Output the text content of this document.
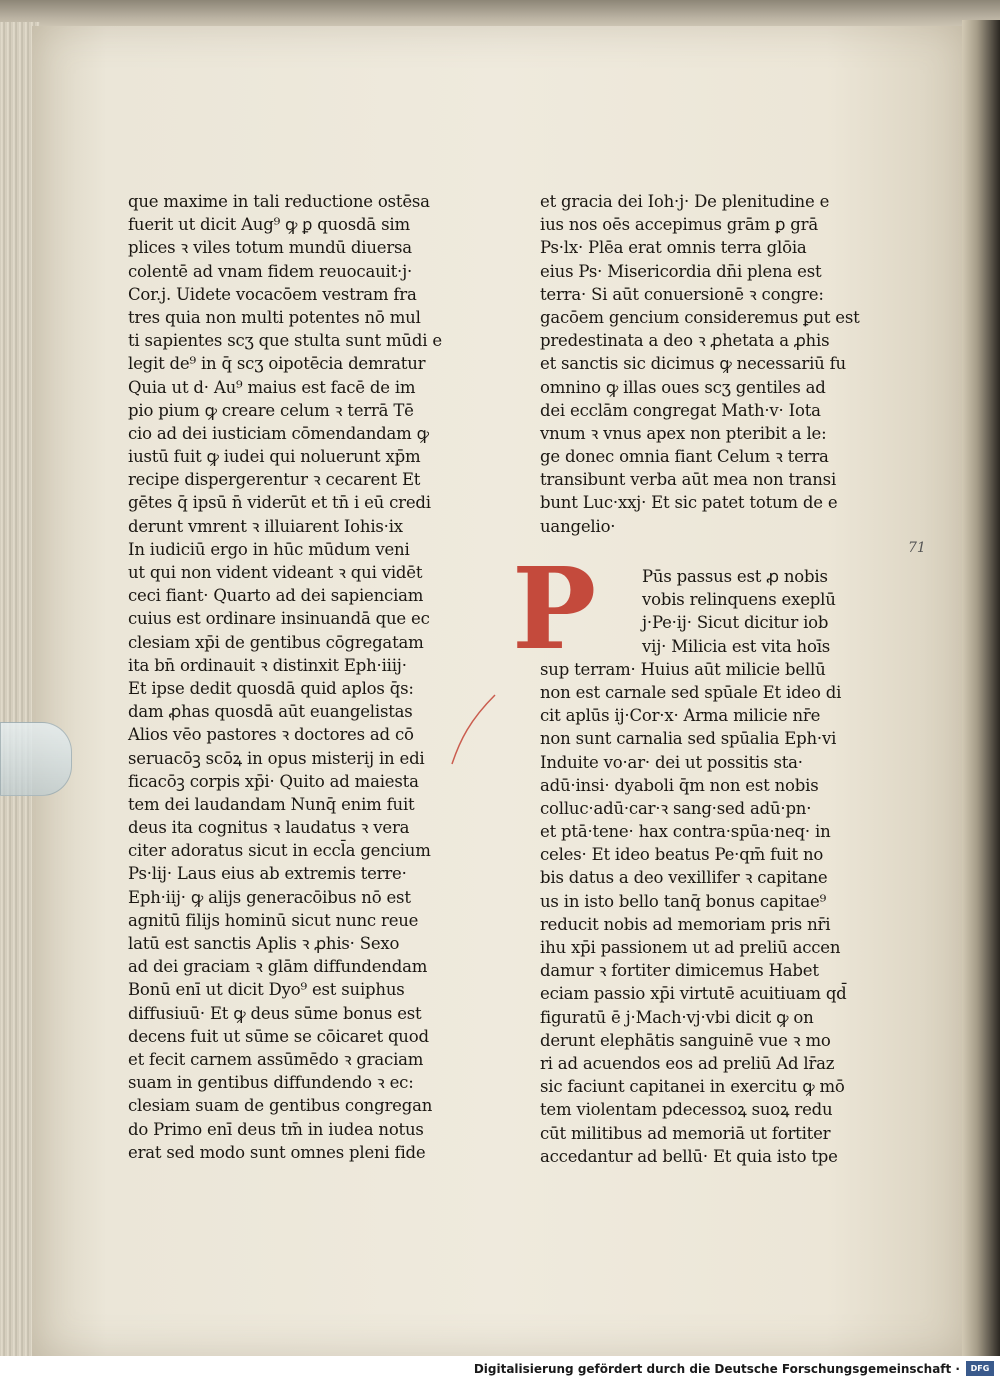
que maxime in tali reductione ostēsa
fuerit ut dicit Aug⁹ ꝙ ꝑ quosdā sim
plices ꝛ viles totum mundū diuersa
colentē ad vnam fidem reuocauit·j·
Cor.j. Uidete vocacōem vestram fra
tres quia non multi potentes nō mul
ti sapientes scʒ que stulta sunt mūdi e
legit de⁹ in q̄ scʒ oipotēcia demratur
Quia ut d· Au⁹ maius est facē de im
pio pium ꝙ creare celum ꝛ terrā Tē
cio ad dei iusticiam cōmendandam ꝙ
iustū fuit ꝙ iudei qui noluerunt xp̄m
recipe dispergerentur ꝛ cecarent Et
gētes q̄ ipsū n̄ viderūt et tn̄ i eū credi
derunt vmrent ꝛ illuiarent Iohis·ix
In iudiciū ergo in hūc mūdum veni
ut qui non vident videant ꝛ qui vidēt
ceci fiant· Quarto ad dei sapienciam
cuius est ordinare insinuandā que ec
clesiam xp̄i de gentibus cōgregatam
ita bn̄ ordinauit ꝛ distinxit Eph·iiij·
Et ipse dedit quosdā quid aplos q̄s:
dam ꝓhas quosdā aūt euangelistas
Alios vēo pastores ꝛ doctores ad cō
seruacōꝫ scōꝝ in opus misterij in edi
ficacōꝫ corpis xp̄i· Quito ad maiesta
tem dei laudandam Nunq̄ enim fuit
deus ita cognitus ꝛ laudatus ꝛ vera
citer adoratus sicut in eccl̄a gencium
Ps·lij· Laus eius ab extremis terre·
Eph·iij· ꝙ alijs generacōibus nō est
agnitū filijs hominū sicut nunc reue
latū est sanctis Aplis ꝛ ꝓhis· Sexo
ad dei graciam ꝛ glām diffundendam
Bonū enī ut dicit Dyo⁹ est suiphus
diffusiuū· Et ꝙ deus sūme bonus est
decens fuit ut sūme se cōicaret quod
et fecit carnem assūmēdo ꝛ graciam
suam in gentibus diffundendo ꝛ ec:
clesiam suam de gentibus congregan
do Primo enī deus tm̄ in iudea notus
erat sed modo sunt omnes pleni fide
et gracia dei Ioh·j· De plenitudine e
ius nos oēs accepimus grām ꝑ grā
Ps·lx· Plēa erat omnis terra glōia
eius Ps· Misericordia dn̄i plena est
terra· Si aūt conuersionē ꝛ congre:
gacōem gencium consideremus ꝑut est
predestinata a deo ꝛ ꝓhetata a ꝓhis
et sanctis sic dicimus ꝙ necessariū fu
omnino ꝙ illas oues scʒ gentiles ad
dei ecclām congregat Math·v· Iota
vnum ꝛ vnus apex non pteribit a le:
ge donec omnia fiant Celum ꝛ terra
transibunt verba aūt mea non transi
bunt Luc·xxj· Et sic patet totum de e
uangelio·
P	Pūs passus est ꝓ nobis
vobis relinquens exeplū
j·Pe·ij· Sicut dicitur iob
vij· Milicia est vita hoīs
sup terram· Huius aūt milicie bellū
non est carnale sed spūale Et ideo di
cit aplūs ij·Cor·x· Arma milicie nr̄e
non sunt carnalia sed spūalia Eph·vi
Induite vo·ar· dei ut possitis sta·
adū·insi· dyaboli q̄m non est nobis
colluc·adū·car·ꝛ sang·sed adū·pn·
et ptā·tene· hax contra·spūa·neq· in
celes· Et ideo beatus Pe·qm̄ fuit no
bis datus a deo vexillifer ꝛ capitane
us in isto bello tanq̄ bonus capitae⁹
reducit nobis ad memoriam pris nr̄i
ihu xp̄i passionem ut ad preliū accen
damur ꝛ fortiter dimicemus Habet
eciam passio xp̄i virtutē acuitiuam qd̄
figuratū ē j·Mach·vj·vbi dicit ꝙ on
derunt elephātis sanguinē vue ꝛ mo
ri ad acuendos eos ad preliū Ad lr̄az
sic faciunt capitanei in exercitu ꝙ mō
tem violentam pdecessoꝝ suoꝝ redu
cūt militibus ad memoriā ut fortiter
accedantur ad bellū· Et quia isto tpe
71
Digitalisierung gefördert durch die Deutsche Forschungsgemeinschaft ·	DFG
